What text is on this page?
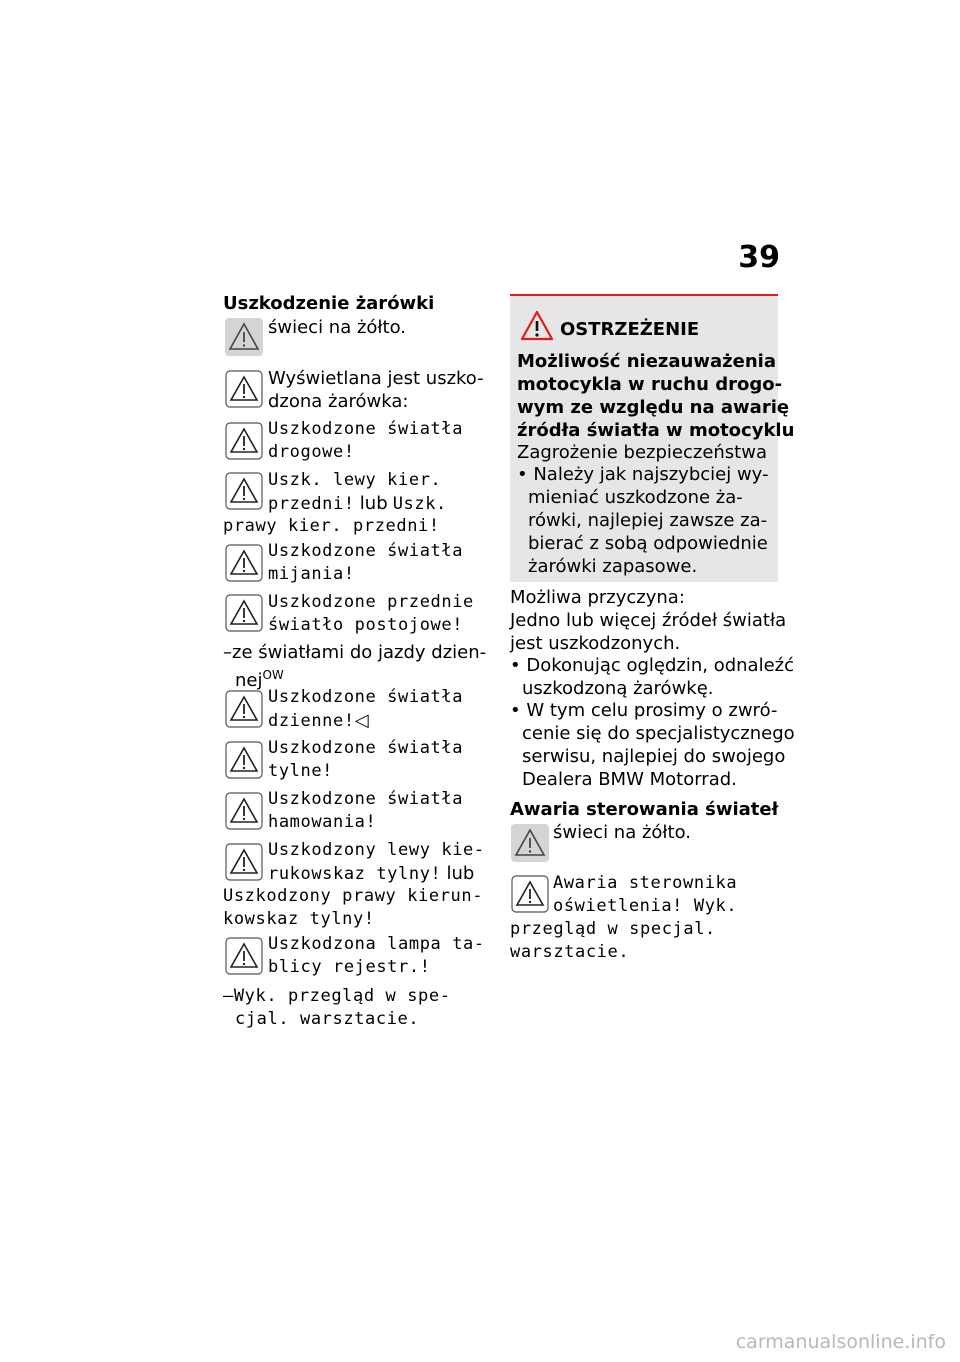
39
Uszkodzenie żarówki
świeci na żółto.
Wyświetlana jest uszko-
dzona żarówka:
Uszkodzone światła
drogowe!
Uszk. lewy kier.
przedni! lub Uszk.
prawy kier. przedni!
Uszkodzone światła
mijania!
Uszkodzone przednie
światło postojowe!
–ze światłami do jazdy dzien-
nej$^{OW}$
Uszkodzone światła
dzienne!◁
Uszkodzone światła
tylne!
Uszkodzone światła
hamowania!
Uszkodzony lewy kie-
rukowskaz tylny! lub
Uszkodzony prawy kierun-
kowskaz tylny!
Uszkodzona lampa ta-
blicy rejestr.!
–Wyk. przegląd w spe-
cjal. warsztacie.
OSTRZEŻENIE
Możliwość niezauważenia
motocykla w ruchu drogo-
wym ze względu na awarię
źródła światła w motocyklu
Zagrożenie bezpieczeństwa
• Należy jak najszybciej wy-
mieniać uszkodzone ża-
rówki, najlepiej zawsze za-
bierać z sobą odpowiednie
żarówki zapasowe.
Możliwa przyczyna:
Jedno lub więcej źródeł światła
jest uszkodzonych.
• Dokonując oględzin, odnaleźć
uszkodzoną żarówkę.
• W tym celu prosimy o zwró-
cenie się do specjalistycznego
serwisu, najlepiej do swojego
Dealera BMW Motorrad.
Awaria sterowania świateł
świeci na żółto.
Awaria sterownika
oświetlenia! Wyk.
przegląd w specjal.
warsztacie.
carmanualsonline.info
